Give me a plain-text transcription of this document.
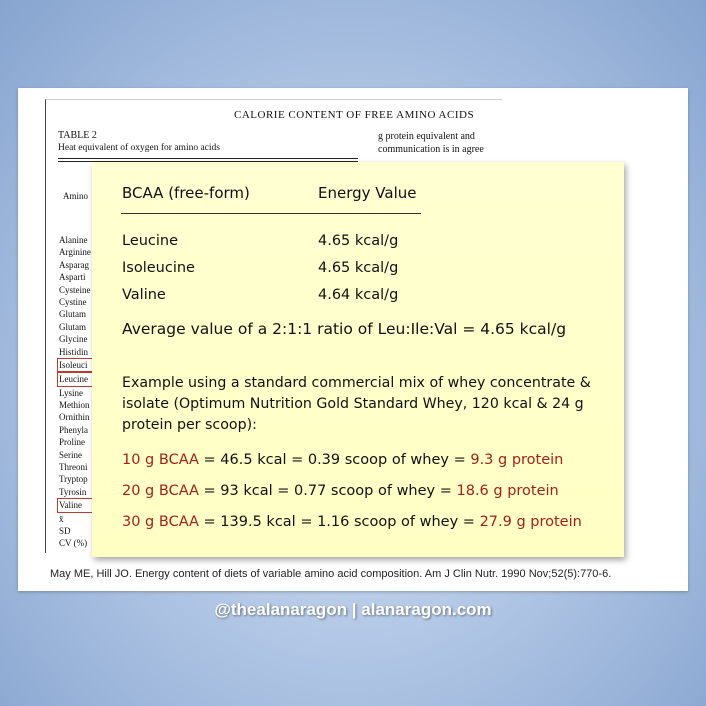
CALORIE CONTENT OF FREE AMINO ACIDS
TABLE 2
Heat equivalent of oxygen for amino acids
g protein equivalent and
communication is in agree
Amino
Alanine
Arginine
Asparag
Asparti
Cysteine
Cystine
Glutam
Glutam
Glycine
Histidin
Isoleuci
Leucine
Lysine
Methion
Ornithin
Phenyla
Proline
Serine
Threoni
Tryptop
Tyrosin
Valine
x̄
SD
CV (%)
BCAA (free-form)	Energy Value
Leucine	4.65 kcal/g
Isoleucine	4.65 kcal/g
Valine	4.64 kcal/g
Average value of a 2:1:1 ratio of Leu:Ile:Val = 4.65 kcal/g
Example using a standard commercial mix of whey concentrate & isolate (Optimum Nutrition Gold Standard Whey, 120 kcal & 24 g protein per scoop):
10 g BCAA = 46.5 kcal = 0.39 scoop of whey = 9.3 g protein
20 g BCAA = 93 kcal = 0.77 scoop of whey = 18.6 g protein
30 g BCAA = 139.5 kcal = 1.16 scoop of whey = 27.9 g protein
May ME, Hill JO. Energy content of diets of variable amino acid composition. Am J Clin Nutr. 1990 Nov;52(5):770-6.
@thealanaragon | alanaragon.com
